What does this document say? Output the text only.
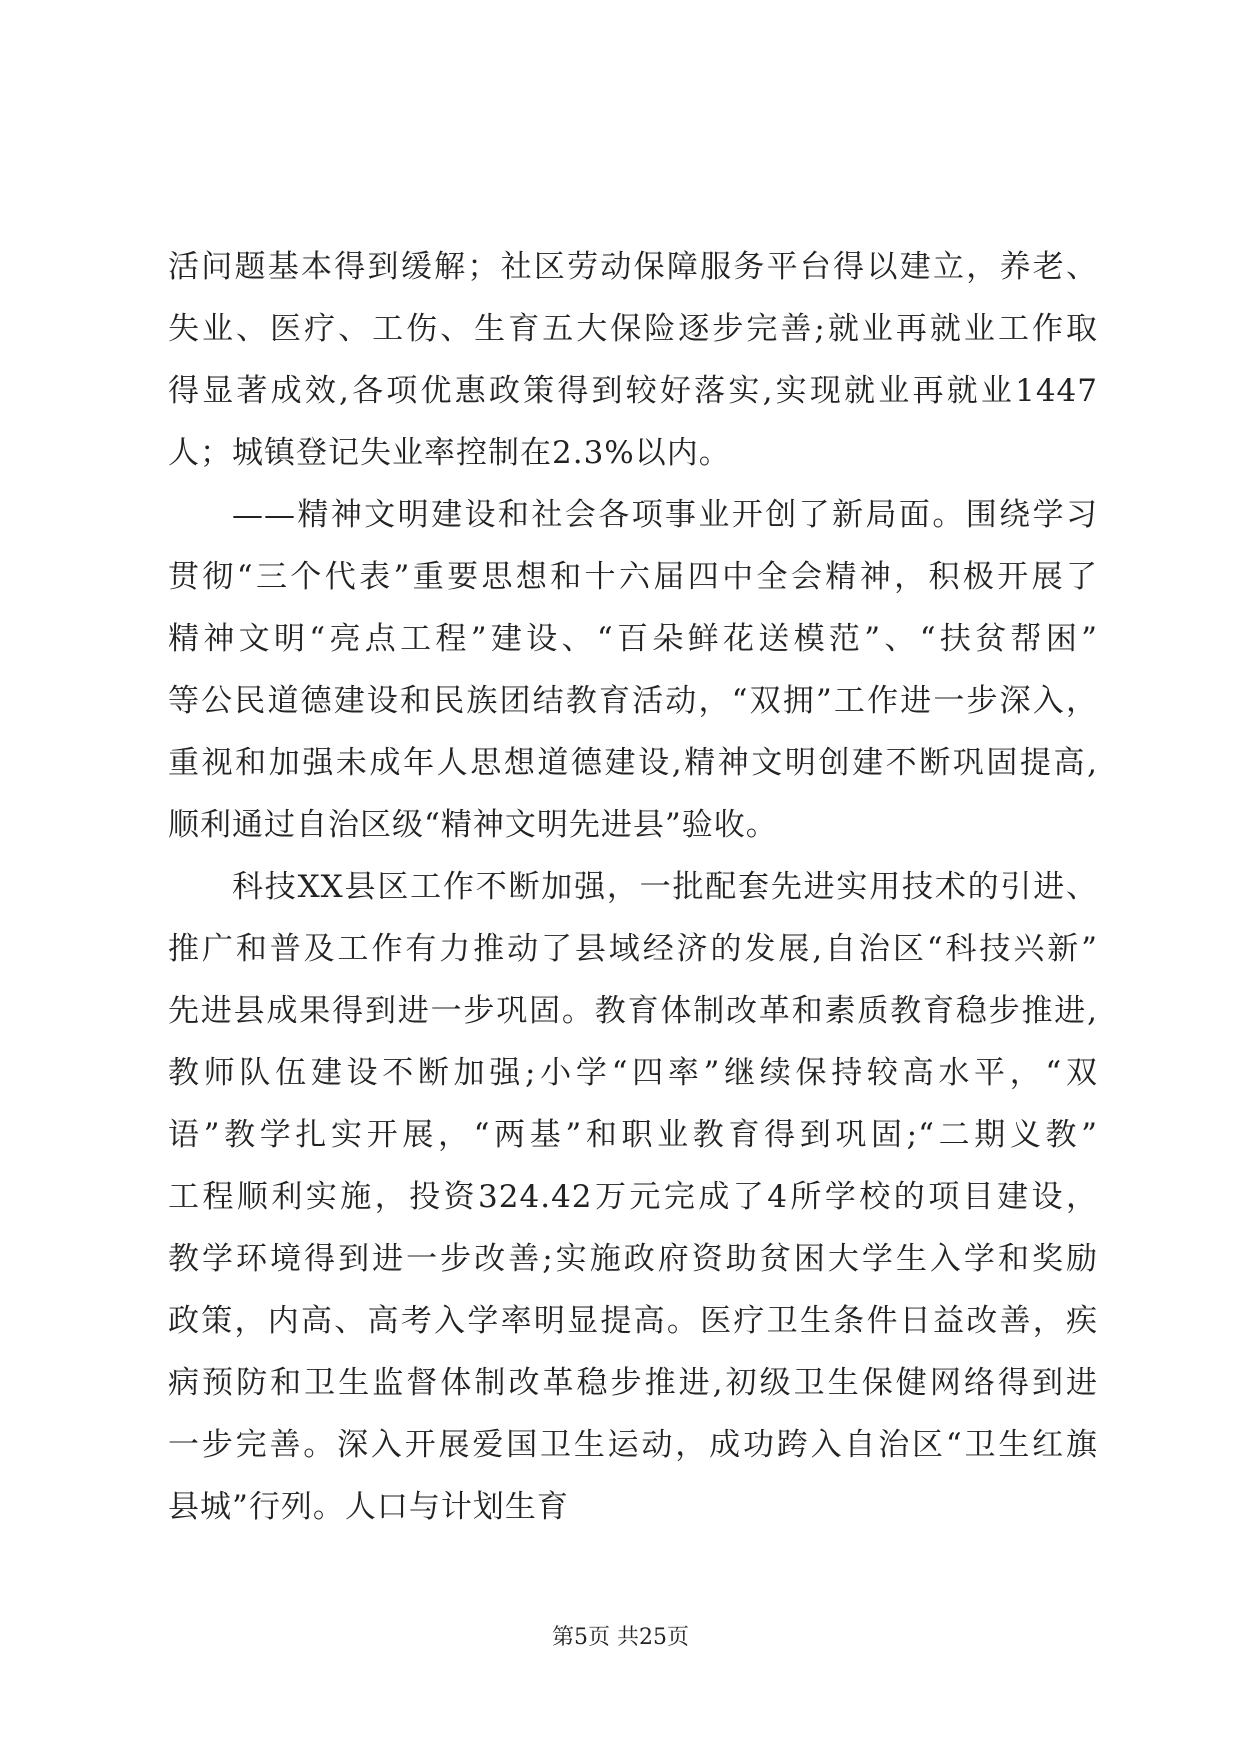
活问题基本得到缓解；社区劳动保障服务平台得以建立，养老、
失业、医疗、工伤、生育五大保险逐步完善;就业再就业工作取
得显著成效,各项优惠政策得到较好落实,实现就业再就业1447
人；城镇登记失业率控制在2.3%以内。
——精神文明建设和社会各项事业开创了新局面。围绕学习
贯彻“三个代表”重要思想和十六届四中全会精神，积极开展了
精神文明“亮点工程”建设、“百朵鲜花送模范”、“扶贫帮困”
等公民道德建设和民族团结教育活动，“双拥”工作进一步深入，
重视和加强未成年人思想道德建设,精神文明创建不断巩固提高,
顺利通过自治区级“精神文明先进县”验收。
科技XX县区工作不断加强，一批配套先进实用技术的引进、
推广和普及工作有力推动了县域经济的发展,自治区“科技兴新”
先进县成果得到进一步巩固。教育体制改革和素质教育稳步推进,
教师队伍建设不断加强;小学“四率”继续保持较高水平，“双
语”教学扎实开展，“两基”和职业教育得到巩固;“二期义教”
工程顺利实施，投资324.42万元完成了4所学校的项目建设，
教学环境得到进一步改善;实施政府资助贫困大学生入学和奖励
政策，内高、高考入学率明显提高。医疗卫生条件日益改善，疾
病预防和卫生监督体制改革稳步推进,初级卫生保健网络得到进
一步完善。深入开展爱国卫生运动，成功跨入自治区“卫生红旗
县城”行列。人口与计划生育
第5页 共25页
